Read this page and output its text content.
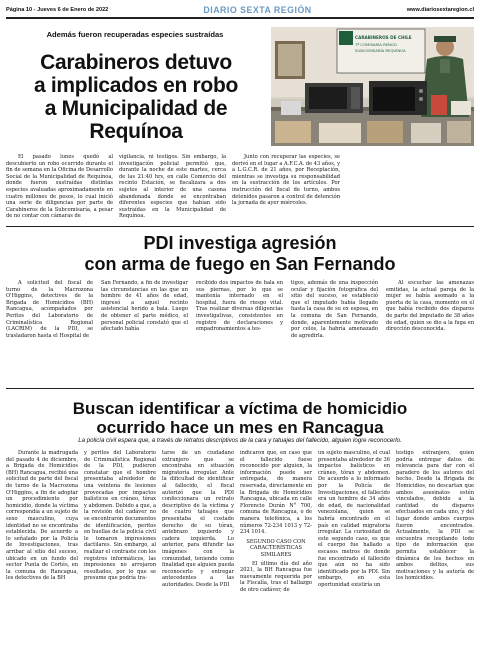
Página 10 - Jueves 6 de Enero de 2022	DIARIO SEXTA REGIÓN	www.diariosextaregion.cl
Además fueron recuperadas especies sustraídas
Carabineros detuvo
a implicados en robo
a Municipalidad de
Requínoa
CARABINEROS DE CHILE
7ª COMISARÍA RENGO
SUBCOMISARÍA REQUÍNOA

El pasado lunes quedó al descubierto un robo ocurrido durante el fin de semana en la Oficina de Desarrollo Social de la Municipalidad de Requínoa, donde fueron sustraídas distintas especies avaluadas aproximadamente en cuatro millones de pesos, lo cual inició una serie de diligencias por parte de Carabineros de la Subcomisaría, a pesar de no contar con cámaras de

vigilancia, ni testigos. Sin embargo, la investigación policial permitió que, durante la noche de este martes, cerca de las 21:40 hrs, en calle Comercio del recinto Estación, se fiscalizara a dos sujetos al interior de una casona abandonada donde se encontraban diferentes especies que habían sido sustraídas en la Municipalidad de Requínoa.

Junto con recuperar las especies, se derivó en el lugar a A.F.C.A. de 43 años, y a L.G.C.R. de 21 años, por Receptación, mientras se investiga su responsabilidad en la sustracción de los artículos. Por instrucción del fiscal de turno, ambos detenidos pasaron a control de detención la jornada de ayer miércoles.

PDI investiga agresión
con arma de fuego en San Fernando

A solicitud del fiscal de turno de la Macrozona O'Higgins, detectives de la Brigada de Homicidios (BH) Rancagua, acompañados por Peritos del Laboratorio de Criminalística Regional (LACRIM) de la PDI, se trasladaron hasta el Hospital de

San Fernando, a fin de investigar las circunstancias en las que un hombre de 41 años de edad, ingresó a aquel recinto asistencial herido a bala. Luego de obtener el parte médico, el personal policial constató que el afectado había

recibido dos impactos de bala en sus piernas, por lo que se mantenía internado en el hospital, fuera de riesgo vital. Tras realizar diversas diligencias investigativas, consistentes en registro de declaraciones y empadronamientos a tes-

tigos, además de una inspección ocular y fijación fotográfica del sitio del suceso, se estableció que el imputado había llegado hasta la casa de su ex esposa, en la comuna de San Fernando, donde, aparentemente motivado por celos, la habría amenazado de agredirla.

Al escuchar las amenazas emitidas, la actual pareja de la mujer se había asomado a la puerta de la casa, momento en el que había recibido dos disparos de parte del imputado de 38 años de edad, quien se dio a la fuga en dirección desconocida.

Buscan identificar a víctima de homicidio
ocurrido hace un mes en Rancagua
La policía civil espera que, a través de retratos descriptivos de la cara y tatuajes del fallecido, alguien logre reconocerlo.

Durante la madrugada del pasado 4 de diciembre, a Brigada de Homicidios (BH) Rancagua, recibió una solicitud de parte del fiscal de turno de la Macrozona O'Higgins, a fin de adoptar un procedimiento por homicidio, donde la víctima correspondía a un sujeto de sexo masculino, cuya identidad no se encontraba establecida. De acuerdo a lo señalado por la Policía de Investigaciones, tras arribar al sitio del suceso, ubicado en un fundo del sector Punta de Cortés, en la comuna de Rancagua, los detectives de la BH

y peritos del Laboratorio de Criminalística Regional de la PDI, pudieron constatar que el hombre presentaba alrededor de una veintena de lesiones provocadas por impactos balísticos en cráneo, tórax y abdomen. Debido a que, a la revisión del cadáver no se encontraron documentos de identificación, peritos en huellas de la policía civil le tomaron impresiones dactilares. Sin embargo, al realizar el contraste con los registros informáticos, las impresiones no arrojaron resultados, por lo que se presume que podría tra-

tarse de un ciudadano extranjero que se encontraba en situación migratoria irregular. Ante la dificultad de identificar al fallecido, el fiscal autorizó que la PDI confeccionara un retrato descriptivo de la víctima y de cuatro tatuajes que presentaba el costado derecho de su tórax, antebrazo izquierdo y cadera izquierda. Lo anterior, para difundir las imágenes con la comunidad, teniendo como finalidad que alguien pueda reconocerlo y entregar antecedentes a las autoridades. Desde la PDI

indicaron que, en caso que el fallecido fuese reconocido por alguien, la información puede ser entregada, de manera reservada, directamente en la Brigada de Homicidios Rancagua, ubicada en calle Florencio Durán N° 700, comuna de Rancagua, o de manera telefónica, a los números 72-234 1013 y 72-234 1014.

SEGUNDO CASO CON CARACTERÍSTICAS SIMILARES

El último día del año 2021, la BH Rancagua fue nuevamente requerida por la Fiscalía, tras el hallazgo de otro cadáver, de

un sujeto masculino, el cual presentaba alrededor de 36 impactos balísticos en cráneo, tórax y abdomen. De acuerdo a lo informado por la Policía de Investigaciones, el fallecido era un hombre de 34 años de edad, de nacionalidad venezolana, quien se habría encontrado en el país en calidad migratoria irregular. La curiosidad de este segundo caso, es que el cuerpo fue hallado a escasos metros de donde fue encontrado el fallecido que aún no ha sido identificado por la PDI. Sin embargo, en esta oportunidad existiría un

testigo extranjero, quien podría entregar datos de relevancia para dar con el paradero de los autores del hecho. Desde la Brigada de Homicidios, no descartan que ambos asesinatos estén vinculados, debido a la cantidad de disparos efectuados en cada uno, y del lugar donde ambos cuerpos fueron encontrados. Actualmente, la PDI se encuentra recopilando todo tipo de información que permita establecer la dinámica de los hechos en ambos delitos, sus motivaciones y la autoría de los homicidios.
